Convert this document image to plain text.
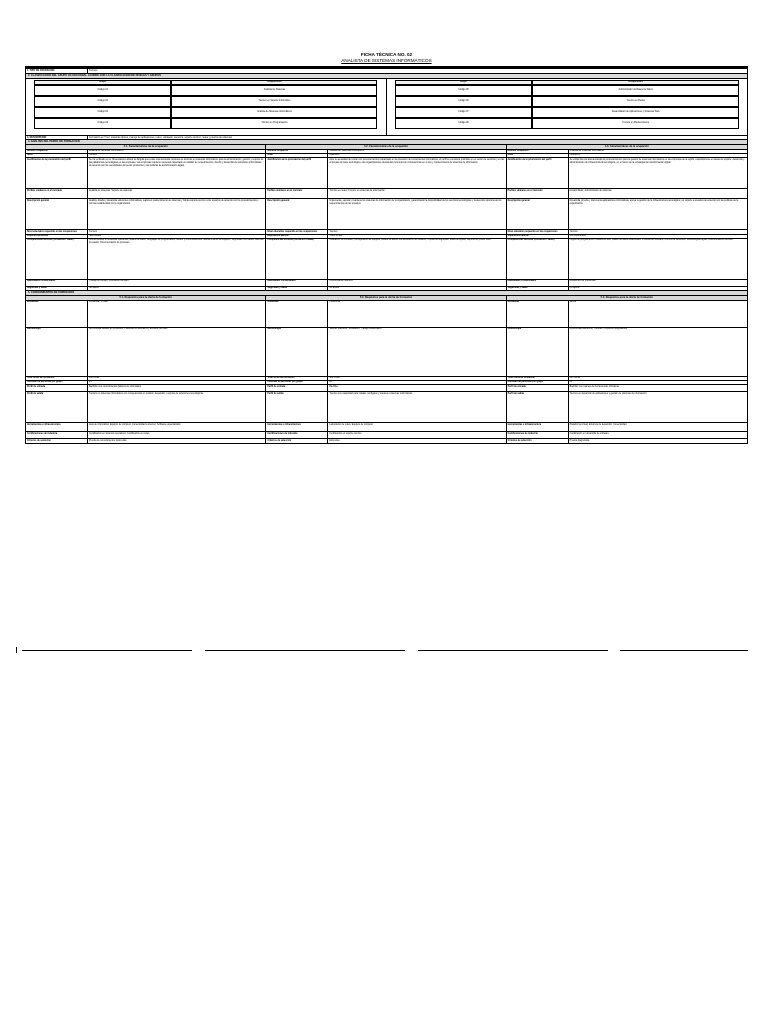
FICHA TÉCNICA NO. 02
ANALISTA DE SISTEMAS INFORMÁTICOS
1. TIPO DE OCUPACIÓN	Técnico
2. CLASIFICACIÓN DEL GRUPO OCUPACIONAL ACORDE CON LA CLASIFICACIÓN DE NIVELES Y GRUPOS
Grupo	Ocupaciones
Código 01	Analista de Sistemas
Código 02	Técnico en Soporte Informático
Código 03	Analista de Sistemas Informáticos
Código 04	Técnico en Programación
Grupo	Ocupaciones
Código 05	Administrador de Bases de Datos
Código 06	Técnico en Redes
Código 07	Desarrollador de Aplicaciones y Sistemas Web
Código 08	Técnico en Mantenimiento
3. DESCRIPCIÓN	Formación en TI en: sistemas típicos, manejo de aplicaciones, redes, cableado, asesoría, soporte técnico, redes y puertos de sistemas
4. ANÁLISIS DEL PERFIL DE FORMACIÓN
4.1. Características de la ocupación
Nombre ocupación	Analista de Sistemas Informáticos
Nivel	Técnico
Justificación de la priorización del perfil	Se ha verificado en el Observatorio Laboral de Bogotá que existe una demanda creciente de técnicos en sistemas informáticos para la administración, gestión y soporte de las plataformas tecnológicas en las empresas. Las empresas requieren personal capacitado en análisis de requerimientos, diseño y desarrollo de soluciones informáticas de acuerdo con las necesidades del sector productivo y las políticas de transformación digital.
Perfiles similares en el mercado	Analista de sistemas; Soporte de sistemas
Descripción general	Analiza, diseña y desarrolla soluciones informáticas, realiza el mantenimiento de sistemas y brinda soporte técnico a los usuarios de acuerdo con los procedimientos y normas establecidas por la organización.
Nivel educativo requerido en las ocupaciones	Técnico
Experiencia laboral	Seis meses
Competencias técnicas (formación / saber)	Conocimientos en sistemas operativos; Bases de datos; Lenguajes de programación; Redes y comunicaciones; Mantenimiento de equipos; Seguridad informática; Atención al usuario; Documentación de procesos
Habilidades conductuales	Trabajo en equipo; Orientación al logro
Seguridad y salud	No aplica
4.2. Características de la ocupación
Nombre ocupación	Analista de Sistemas Informáticos
Nivel	Operativo
Justificación de la priorización del perfil	Ante la necesidad de contar con personal técnico capacitado en la operación de herramientas informáticas, el perfil se considera prioritario en el sector de servicios y en las empresas de base tecnológica. Las organizaciones demandan personal con competencias en el uso y mantenimiento de sistemas de información.
Perfiles similares en el mercado	Técnico en redes; Técnico en sistemas de información
Descripción general	Implementa, ejecuta y mantiene los sistemas de información de la organización, garantizando la disponibilidad de los servicios tecnológicos y la atención oportuna de los requerimientos de los usuarios.
Nivel educativo requerido en las ocupaciones	Técnico
Experiencia laboral	1 año o más
Competencias técnicas (formación / saber)	Instalación de software; Configuración de equipos; Redes de datos; Administración de usuarios; Copias de seguridad; Mesa de ayuda; Soporte de primer nivel
Habilidades conductuales	Comunicación asertiva
Seguridad y salud	No aplica
4.3. Características de la ocupación
Nombre ocupación	Analista de Sistemas Informáticos
Nivel	Operativo
Justificación de la priorización del perfil	Se evidencia una alta demanda de personal técnico para la gestión de sistemas informáticos en las empresas de la región, especialmente en áreas de soporte, desarrollo y administración de infraestructura tecnológica, en el marco de la estrategia de transformación digital.
Perfiles similares en el mercado	Desarrollador; Administrador de sistemas
Descripción general	Desarrolla, prueba y documenta aplicaciones informáticas; apoya la gestión de la infraestructura tecnológica y el soporte a usuarios de acuerdo con las políticas de la organización.
Nivel educativo requerido en las ocupaciones	Técnico
Experiencia laboral	Sin experiencia
Competencias técnicas (formación / saber)	Lógica de programación; Desarrollo web; Bases de datos relacionales; Pruebas de software; Control de versiones; Metodologías ágiles; Documentación técnica
Habilidades conductuales	Resolución de problemas
Seguridad y salud	No aplica
5. CONOCIMIENTOS DE FORMACIÓN
5.1. Requisitos para la oferta de formación
Modalidad	Presencial; Virtual
Metodología	Aprendizaje basado en proyectos; Prácticas en laboratorio; Estudios de caso
Total horas de formación	600 horas
Cantidad de personas por grupo	25
Perfil de entrada	Bachiller con conocimientos básicos de informática
Perfil de salida	Técnico en sistemas informáticos con competencias en análisis, desarrollo y soporte de soluciones tecnológicas
Herramientas e infraestructura	Aula de informática; Equipos de cómputo; Conectividad a internet; Software especializado
Certificaciones de industria	Certificación en sistemas operativos; Certificación en redes
Criterios de selección	Prueba de conocimientos; Entrevista
5.2. Requisitos para la oferta de formación
Modalidad	Presencial
Metodología	Talleres prácticos; Simulación; Trabajo colaborativo
Total horas de formación	480 horas
Cantidad de personas por grupo	20
Perfil de entrada	Bachiller
Perfil de salida	Técnico con capacidad para instalar, configurar y mantener sistemas informáticos
Herramientas e infraestructura	Laboratorio de redes; Equipos de cómputo
Certificaciones de industria	Certificación en soporte técnico
Criterios de selección	Entrevista
5.3. Requisitos para la oferta de formación
Modalidad	Virtual
Metodología	Aprendizaje autónomo; Tutorías; Proyectos integradores
Total horas de formación	520 horas
Cantidad de personas por grupo	30
Perfil de entrada	Bachiller con manejo de herramientas ofimáticas
Perfil de salida	Técnico en desarrollo de aplicaciones y gestión de sistemas de información
Herramientas e infraestructura	Plataforma virtual; Entornos de desarrollo; Conectividad
Certificaciones de industria	Certificación en desarrollo de software
Criterios de selección	Prueba diagnóstica
